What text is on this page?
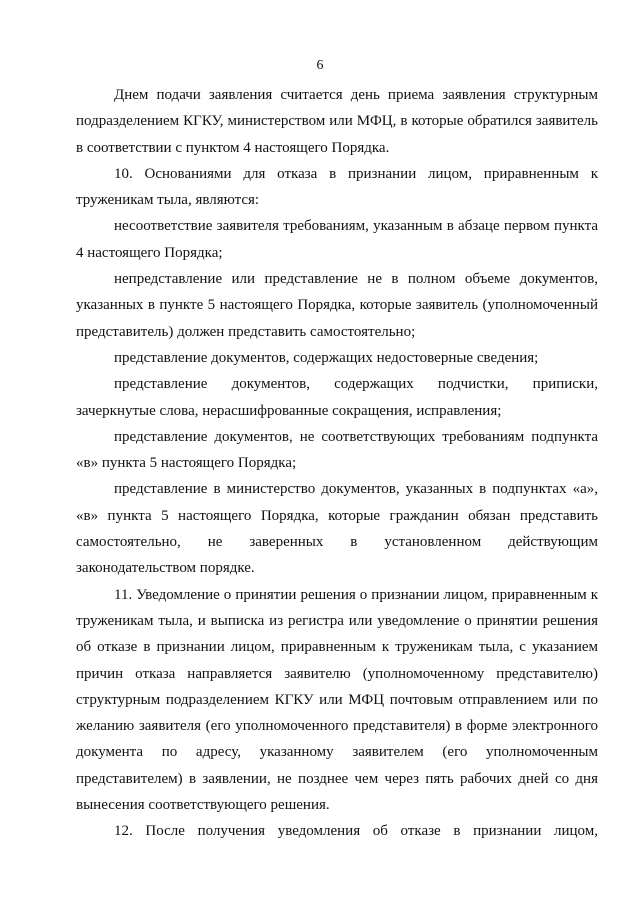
6

Днем подачи заявления считается день приема заявления структурным подразделением КГКУ, министерством или МФЦ, в которые обратился заявитель в соответствии с пунктом 4 настоящего Порядка.

10. Основаниями для отказа в признании лицом, приравненным к труженикам тыла, являются:

несоответствие заявителя требованиям, указанным в абзаце первом пункта 4 настоящего Порядка;

непредставление или представление не в полном объеме документов, указанных в пункте 5 настоящего Порядка, которые заявитель (уполномоченный представитель) должен представить самостоятельно;

представление документов, содержащих недостоверные сведения;

представление документов, содержащих подчистки, приписки, зачеркнутые слова, нерасшифрованные сокращения, исправления;

представление документов, не соответствующих требованиям подпункта «в» пункта 5 настоящего Порядка;

представление в министерство документов, указанных в подпунктах «а», «в» пункта 5 настоящего Порядка, которые гражданин обязан представить самостоятельно, не заверенных в установленном действующим законодательством порядке.

11. Уведомление о принятии решения о признании лицом, приравненным к труженикам тыла, и выписка из регистра или уведомление о принятии решения об отказе в признании лицом, приравненным к труженикам тыла, с указанием причин отказа направляется заявителю (уполномоченному представителю) структурным подразделением КГКУ или МФЦ почтовым отправлением или по желанию заявителя (его уполномоченного представителя) в форме электронного документа по адресу, указанному заявителем (его уполномоченным представителем) в заявлении, не позднее чем через пять рабочих дней со дня вынесения соответствующего решения.

12. После получения уведомления об отказе в признании лицом,
